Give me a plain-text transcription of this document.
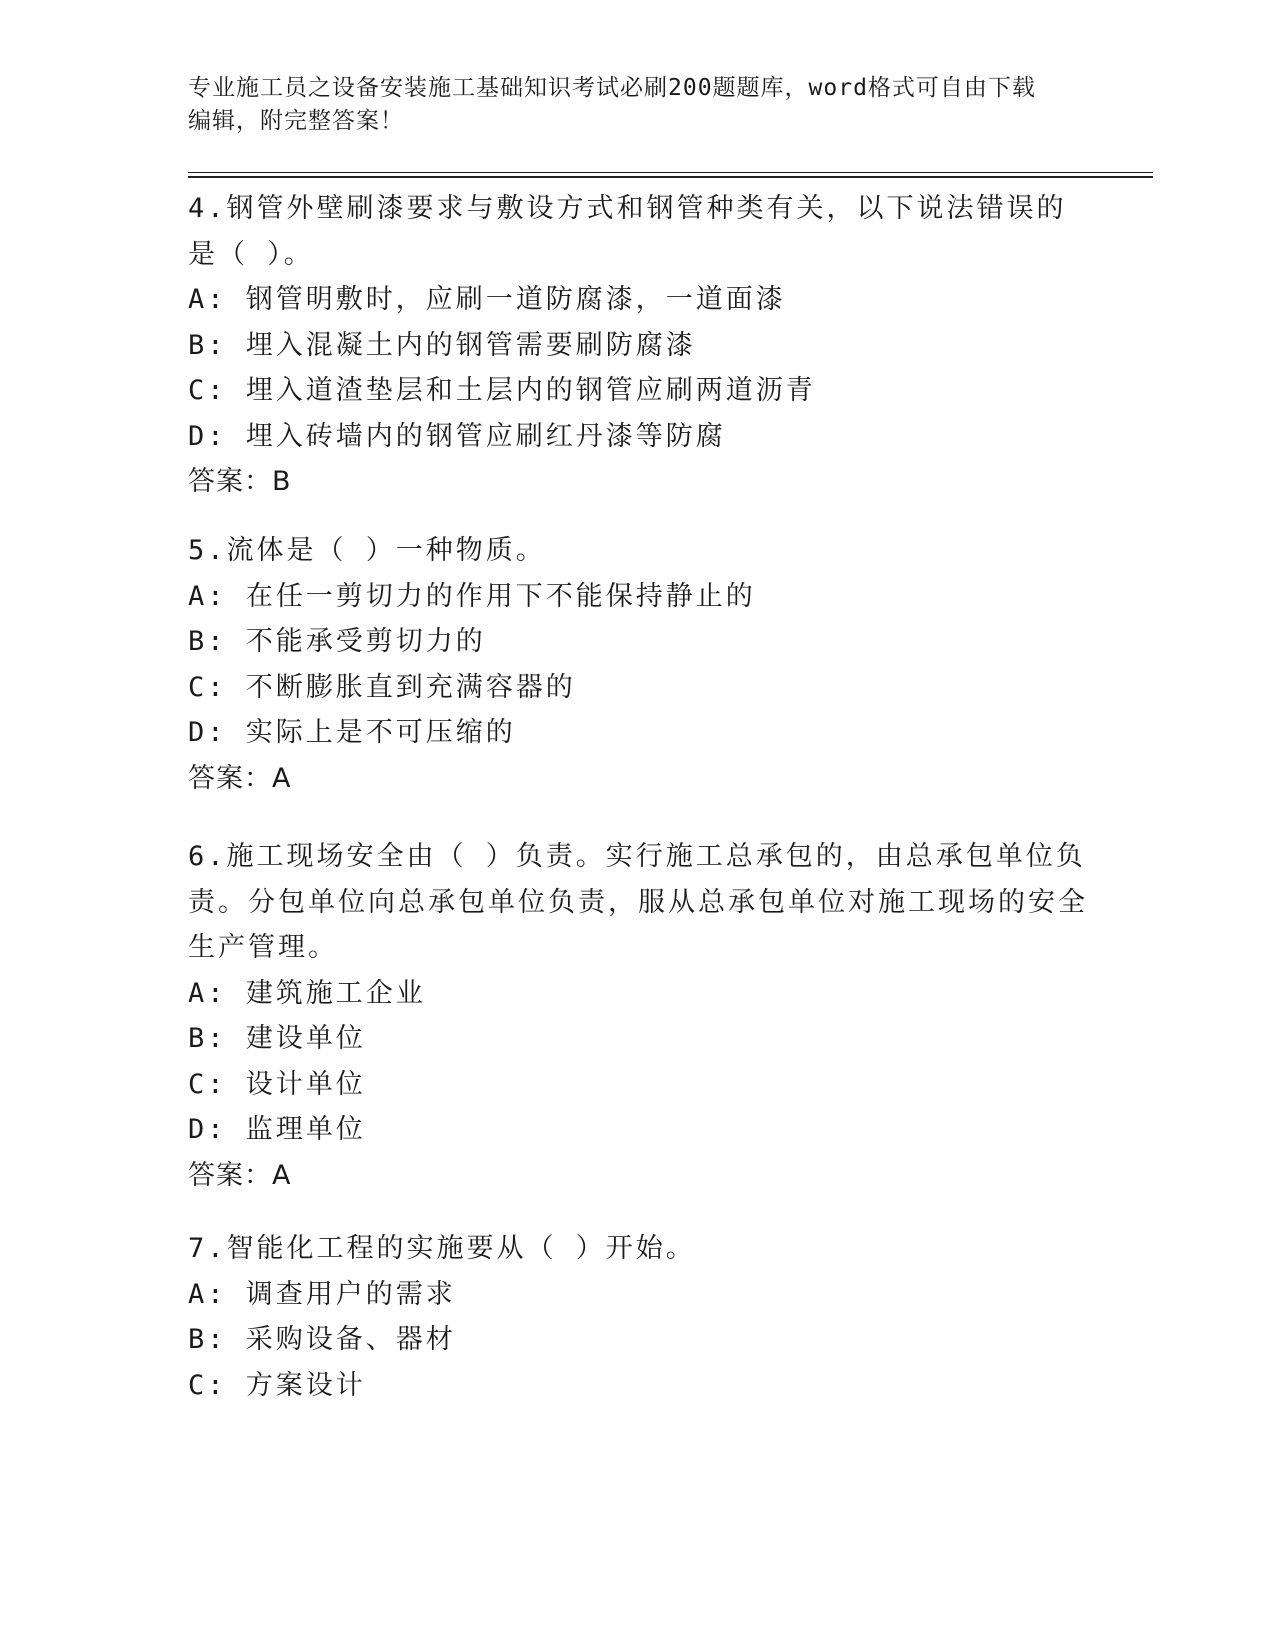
专业施工员之设备安装施工基础知识考试必刷200题题库，word格式可自由下载
编辑，附完整答案！
4.钢管外壁刷漆要求与敷设方式和钢管种类有关，以下说法错误的是（ ）。
A: 钢管明敷时，应刷一道防腐漆，一道面漆
B: 埋入混凝土内的钢管需要刷防腐漆
C: 埋入道渣垫层和土层内的钢管应刷两道沥青
D: 埋入砖墙内的钢管应刷红丹漆等防腐
答案：B
5.流体是（ ）一种物质。
A: 在任一剪切力的作用下不能保持静止的
B: 不能承受剪切力的
C: 不断膨胀直到充满容器的
D: 实际上是不可压缩的
答案：A
6.施工现场安全由（ ）负责。实行施工总承包的，由总承包单位负责。分包单位向总承包单位负责，服从总承包单位对施工现场的安全生产管理。
A: 建筑施工企业
B: 建设单位
C: 设计单位
D: 监理单位
答案：A
7.智能化工程的实施要从（ ）开始。
A: 调查用户的需求
B: 采购设备、器材
C: 方案设计
